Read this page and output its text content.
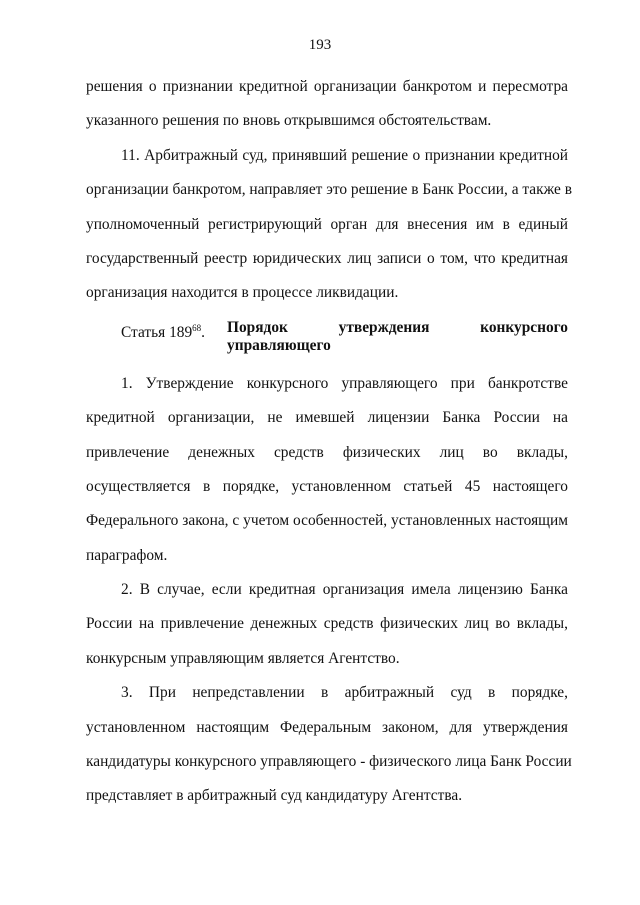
193
решения о признании кредитной организации банкротом и пересмотра
указанного решения по вновь открывшимся обстоятельствам.
11. Арбитражный суд, принявший решение о признании кредитной
организации банкротом, направляет это решение в Банк России, а также в
уполномоченный регистрирующий орган для внесения им в единый
государственный реестр юридических лиц записи о том, что кредитная
организация находится в процессе ликвидации.
Статья $189^{68}$. Порядок утверждения конкурсного
управляющего
1. Утверждение конкурсного управляющего при банкротстве
кредитной организации, не имевшей лицензии Банка России на
привлечение денежных средств физических лиц во вклады,
осуществляется в порядке, установленном статьей 45 настоящего
Федерального закона, с учетом особенностей, установленных настоящим
параграфом.
2. В случае, если кредитная организация имела лицензию Банка
России на привлечение денежных средств физических лиц во вклады,
конкурсным управляющим является Агентство.
3. При непредставлении в арбитражный суд в порядке,
установленном настоящим Федеральным законом, для утверждения
кандидатуры конкурсного управляющего - физического лица Банк России
представляет в арбитражный суд кандидатуру Агентства.
